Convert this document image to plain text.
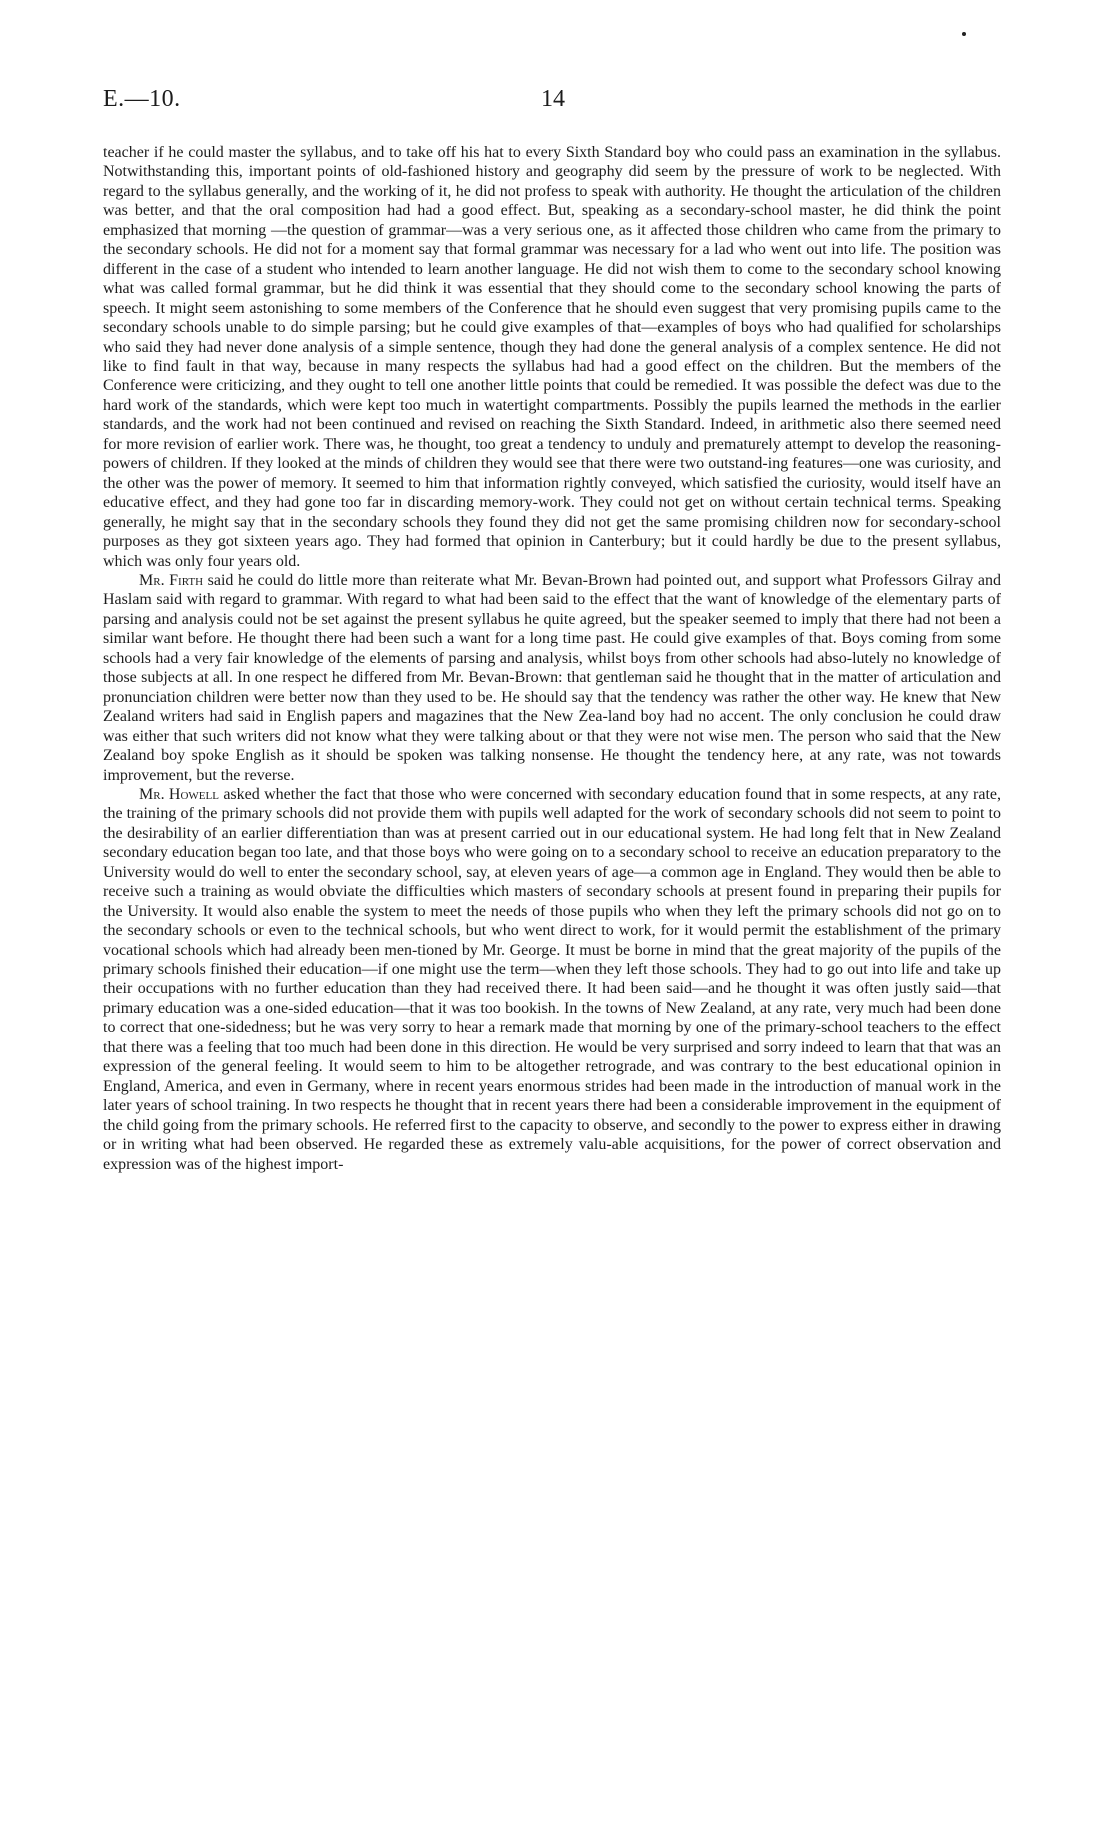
E.—10.	14

teacher if he could master the syllabus, and to take off his hat to every Sixth Standard boy who could pass an examination in the syllabus. Notwithstanding this, important points of old-fashioned history and geography did seem by the pressure of work to be neglected. With regard to the syllabus generally, and the working of it, he did not profess to speak with authority. He thought the articulation of the children was better, and that the oral composition had had a good effect. But, speaking as a secondary-school master, he did think the point emphasized that morning —the question of grammar—was a very serious one, as it affected those children who came from the primary to the secondary schools. He did not for a moment say that formal grammar was necessary for a lad who went out into life. The position was different in the case of a student who intended to learn another language. He did not wish them to come to the secondary school knowing what was called formal grammar, but he did think it was essential that they should come to the secondary school knowing the parts of speech. It might seem astonishing to some members of the Conference that he should even suggest that very promising pupils came to the secondary schools unable to do simple parsing; but he could give examples of that—examples of boys who had qualified for scholarships who said they had never done analysis of a simple sentence, though they had done the general analysis of a complex sentence. He did not like to find fault in that way, because in many respects the syllabus had had a good effect on the children. But the members of the Conference were criticizing, and they ought to tell one another little points that could be remedied. It was possible the defect was due to the hard work of the standards, which were kept too much in watertight compartments. Possibly the pupils learned the methods in the earlier standards, and the work had not been continued and revised on reaching the Sixth Standard. Indeed, in arithmetic also there seemed need for more revision of earlier work. There was, he thought, too great a tendency to unduly and prematurely attempt to develop the reasoning-powers of children. If they looked at the minds of children they would see that there were two outstand-ing features—one was curiosity, and the other was the power of memory. It seemed to him that information rightly conveyed, which satisfied the curiosity, would itself have an educative effect, and they had gone too far in discarding memory-work. They could not get on without certain technical terms. Speaking generally, he might say that in the secondary schools they found they did not get the same promising children now for secondary-school purposes as they got sixteen years ago. They had formed that opinion in Canterbury; but it could hardly be due to the present syllabus, which was only four years old.

Mr. Firth said he could do little more than reiterate what Mr. Bevan-Brown had pointed out, and support what Professors Gilray and Haslam said with regard to grammar. With regard to what had been said to the effect that the want of knowledge of the elementary parts of parsing and analysis could not be set against the present syllabus he quite agreed, but the speaker seemed to imply that there had not been a similar want before. He thought there had been such a want for a long time past. He could give examples of that. Boys coming from some schools had a very fair knowledge of the elements of parsing and analysis, whilst boys from other schools had abso-lutely no knowledge of those subjects at all. In one respect he differed from Mr. Bevan-Brown: that gentleman said he thought that in the matter of articulation and pronunciation children were better now than they used to be. He should say that the tendency was rather the other way. He knew that New Zealand writers had said in English papers and magazines that the New Zea-land boy had no accent. The only conclusion he could draw was either that such writers did not know what they were talking about or that they were not wise men. The person who said that the New Zealand boy spoke English as it should be spoken was talking nonsense. He thought the tendency here, at any rate, was not towards improvement, but the reverse.

Mr. Howell asked whether the fact that those who were concerned with secondary education found that in some respects, at any rate, the training of the primary schools did not provide them with pupils well adapted for the work of secondary schools did not seem to point to the desirability of an earlier differentiation than was at present carried out in our educational system. He had long felt that in New Zealand secondary education began too late, and that those boys who were going on to a secondary school to receive an education preparatory to the University would do well to enter the secondary school, say, at eleven years of age—a common age in England. They would then be able to receive such a training as would obviate the difficulties which masters of secondary schools at present found in preparing their pupils for the University. It would also enable the system to meet the needs of those pupils who when they left the primary schools did not go on to the secondary schools or even to the technical schools, but who went direct to work, for it would permit the establishment of the primary vocational schools which had already been men-tioned by Mr. George. It must be borne in mind that the great majority of the pupils of the primary schools finished their education—if one might use the term—when they left those schools. They had to go out into life and take up their occupations with no further education than they had received there. It had been said—and he thought it was often justly said—that primary education was a one-sided education—that it was too bookish. In the towns of New Zealand, at any rate, very much had been done to correct that one-sidedness; but he was very sorry to hear a remark made that morning by one of the primary-school teachers to the effect that there was a feeling that too much had been done in this direction. He would be very surprised and sorry indeed to learn that that was an expression of the general feeling. It would seem to him to be altogether retrograde, and was contrary to the best educational opinion in England, America, and even in Germany, where in recent years enormous strides had been made in the introduction of manual work in the later years of school training. In two respects he thought that in recent years there had been a considerable improvement in the equipment of the child going from the primary schools. He referred first to the capacity to observe, and secondly to the power to express either in drawing or in writing what had been observed. He regarded these as extremely valu-able acquisitions, for the power of correct observation and expression was of the highest import-
